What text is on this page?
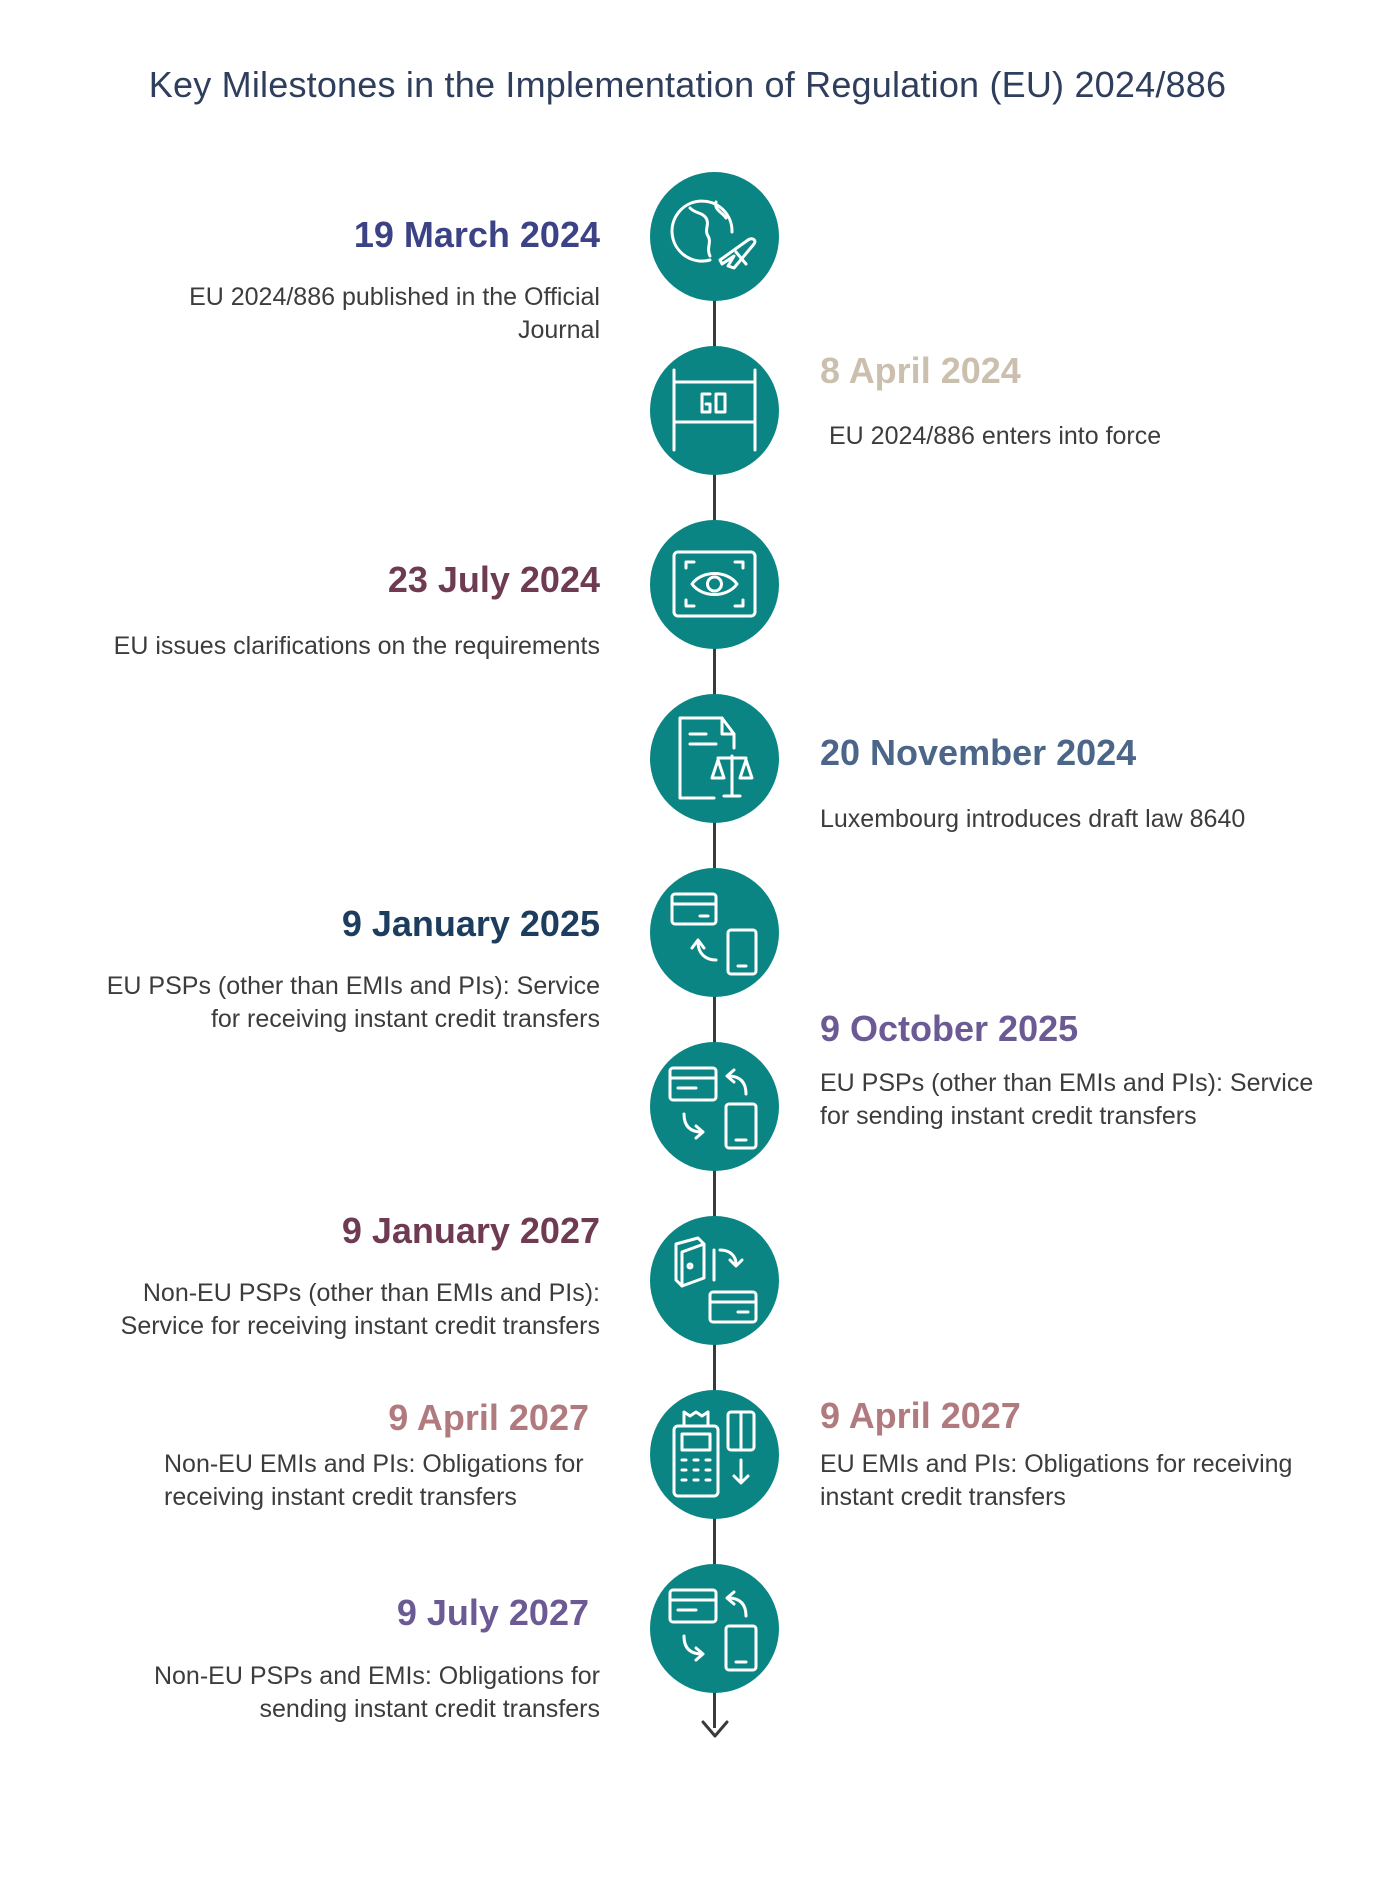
Key Milestones in the Implementation of Regulation (EU) 2024/886
19 March 2024
EU 2024/886 published in the Official
Journal
8 April 2024
EU 2024/886 enters into force
23 July 2024
EU issues clarifications on the requirements
20 November 2024
Luxembourg introduces draft law 8640
9 January 2025
EU PSPs (other than EMIs and PIs): Service
for receiving instant credit transfers	9 October 2025
EU PSPs (other than EMIs and PIs): Service
for sending instant credit transfers
9 January 2027
Non-EU PSPs (other than EMIs and PIs):
Service for receiving instant credit transfers
9 April 2027
Non-EU EMIs and PIs: Obligations for
receiving instant credit transfers
9 April 2027
EU EMIs and PIs: Obligations for receiving
instant credit transfers
9 July 2027
Non-EU PSPs and EMIs: Obligations for
sending instant credit transfers
